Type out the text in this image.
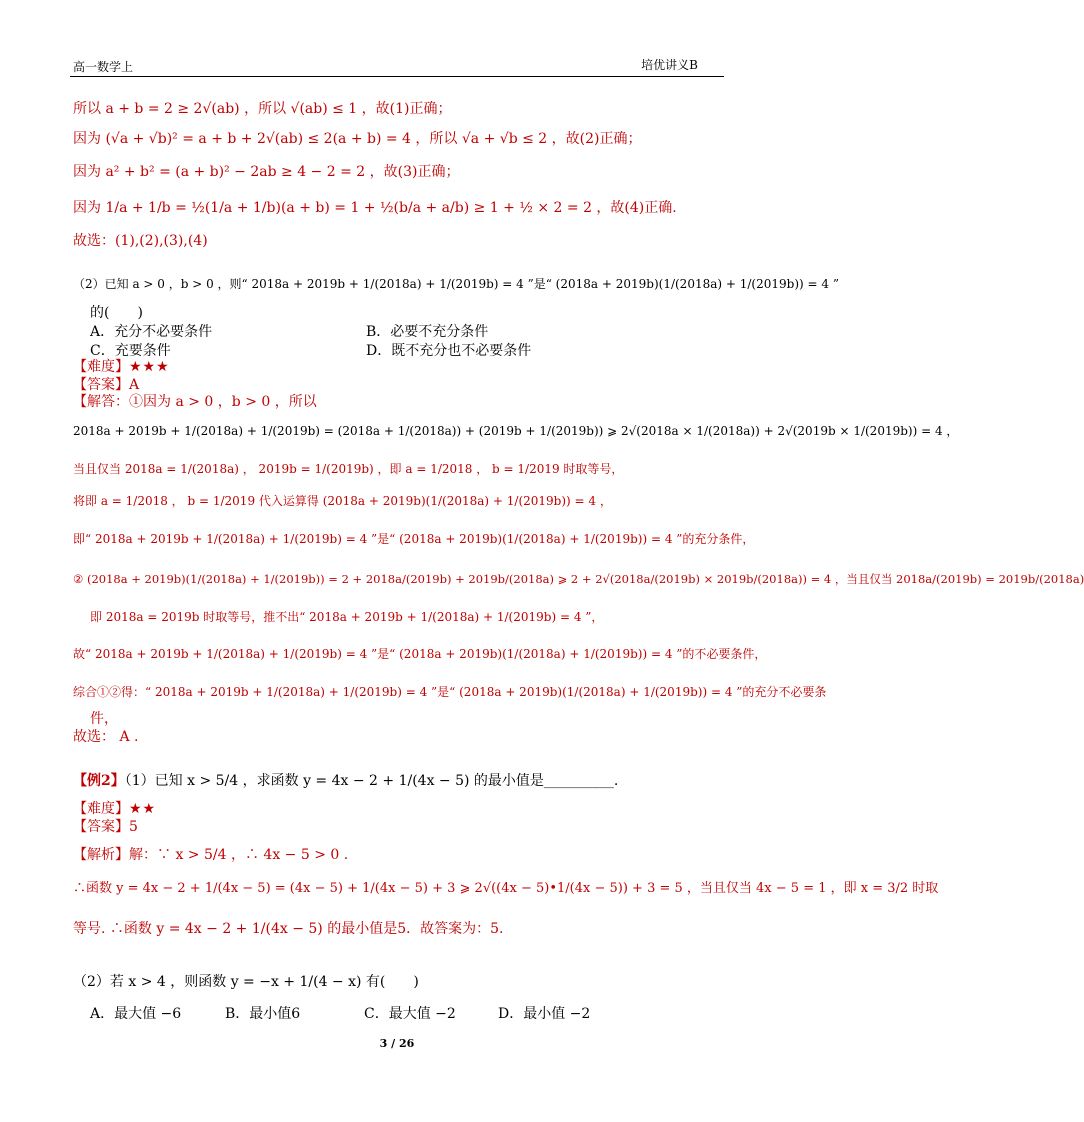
高一数学上	培优讲义B
所以 a + b = 2 ≥ 2√(ab) ，所以 √(ab) ≤ 1 ，故(1)正确；
因为 (√a + √b)² = a + b + 2√(ab) ≤ 2(a + b) = 4 ，所以 √a + √b ≤ 2 ，故(2)正确；
因为 a² + b² = (a + b)² − 2ab ≥ 4 − 2 = 2 ，故(3)正确；
因为 1/a + 1/b = ½(1/a + 1/b)(a + b) = 1 + ½(b/a + a/b) ≥ 1 + ½ × 2 = 2 ，故(4)正确.
故选：(1),(2),(3),(4)
（2）已知 a > 0 ，b > 0 ，则“ 2018a + 2019b + 1/(2018a) + 1/(2019b) = 4 ”是“ (2018a + 2019b)(1/(2018a) + 1/(2019b)) = 4 ”
的(　　)
A．充分不必要条件	B．必要不充分条件
C．充要条件	D．既不充分也不必要条件
【难度】★★★
【答案】A
【解答：①因为 a > 0 ，b > 0 ，所以
2018a + 2019b + 1/(2018a) + 1/(2019b) = (2018a + 1/(2018a)) + (2019b + 1/(2019b)) ⩾ 2√(2018a × 1/(2018a)) + 2√(2019b × 1/(2019b)) = 4 ，
当且仅当 2018a = 1/(2018a) ， 2019b = 1/(2019b) ，即 a = 1/2018 ， b = 1/2019 时取等号，
将即 a = 1/2018 ， b = 1/2019 代入运算得 (2018a + 2019b)(1/(2018a) + 1/(2019b)) = 4 ，
即“ 2018a + 2019b + 1/(2018a) + 1/(2019b) = 4 ”是“ (2018a + 2019b)(1/(2018a) + 1/(2019b)) = 4 ”的充分条件，
② (2018a + 2019b)(1/(2018a) + 1/(2019b)) = 2 + 2018a/(2019b) + 2019b/(2018a) ⩾ 2 + 2√(2018a/(2019b) × 2019b/(2018a)) = 4 ，当且仅当 2018a/(2019b) = 2019b/(2018a)
即 2018a = 2019b 时取等号，推不出“ 2018a + 2019b + 1/(2018a) + 1/(2019b) = 4 ”，
故“ 2018a + 2019b + 1/(2018a) + 1/(2019b) = 4 ”是“ (2018a + 2019b)(1/(2018a) + 1/(2019b)) = 4 ”的不必要条件，
综合①②得：“ 2018a + 2019b + 1/(2018a) + 1/(2019b) = 4 ”是“ (2018a + 2019b)(1/(2018a) + 1/(2019b)) = 4 ”的充分不必要条
件，
故选： A .
【例2】（1）已知 x > 5/4 ，求函数 y = 4x − 2 + 1/(4x − 5) 的最小值是__________.
【难度】★★
【答案】5
【解析】解：∵ x > 5/4 ，∴ 4x − 5 > 0 .
∴函数 y = 4x − 2 + 1/(4x − 5) = (4x − 5) + 1/(4x − 5) + 3 ⩾ 2√((4x − 5)•1/(4x − 5)) + 3 = 5 ，当且仅当 4x − 5 = 1 ，即 x = 3/2 时取
等号. ∴函数 y = 4x − 2 + 1/(4x − 5) 的最小值是5．故答案为：5.
（2）若 x > 4 ，则函数 y = −x + 1/(4 − x) 有(　　)
A．最大值 −6	B．最小值6	C．最大值 −2	D．最小值 −2
3 / 26
